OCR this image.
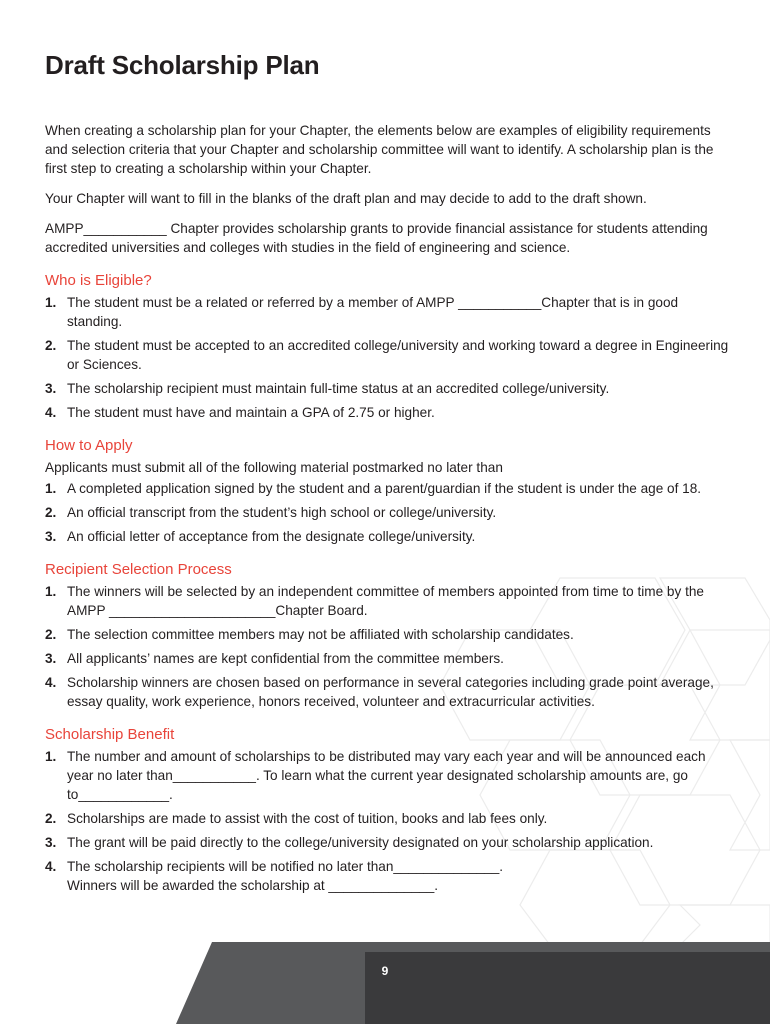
Draft Scholarship Plan

When creating a scholarship plan for your Chapter, the elements below are examples of eligibility requirements and selection criteria that your Chapter and scholarship committee will want to identify. A scholarship plan is the first step to creating a scholarship within your Chapter.

Your Chapter will want to fill in the blanks of the draft plan and may decide to add to the draft shown.

AMPP___________ Chapter provides scholarship grants to provide financial assistance for students attending accredited universities and colleges with studies in the field of engineering and science.

Who is Eligible?
1. The student must be a related or referred by a member of AMPP ___________Chapter that is in good standing.
2. The student must be accepted to an accredited college/university and working toward a degree in Engineering or Sciences.
3. The scholarship recipient must maintain full-time status at an accredited college/university.
4. The student must have and maintain a GPA of 2.75 or higher.
How to Apply

Applicants must submit all of the following material postmarked no later than

1. A completed application signed by the student and a parent/guardian if the student is under the age of 18.
2. An official transcript from the student’s high school or college/university.
3. An official letter of acceptance from the designate college/university.
Recipient Selection Process
1. The winners will be selected by an independent committee of members appointed from time to time by the AMPP ______________________Chapter Board.
2. The selection committee members may not be affiliated with scholarship candidates.
3. All applicants’ names are kept confidential from the committee members.
4. Scholarship winners are chosen based on performance in several categories including grade point average, essay quality, work experience, honors received, volunteer and extracurricular activities.
Scholarship Benefit
1. The number and amount of scholarships to be distributed may vary each year and will be announced each year no later than___________. To learn what the current year designated scholarship amounts are, go to____________.
2. Scholarships are made to assist with the cost of tuition, books and lab fees only.
3. The grant will be paid directly to the college/university designated on your scholarship application.
4. The scholarship recipients will be notified no later than______________.
Winners will be awarded the scholarship at ______________.
9
